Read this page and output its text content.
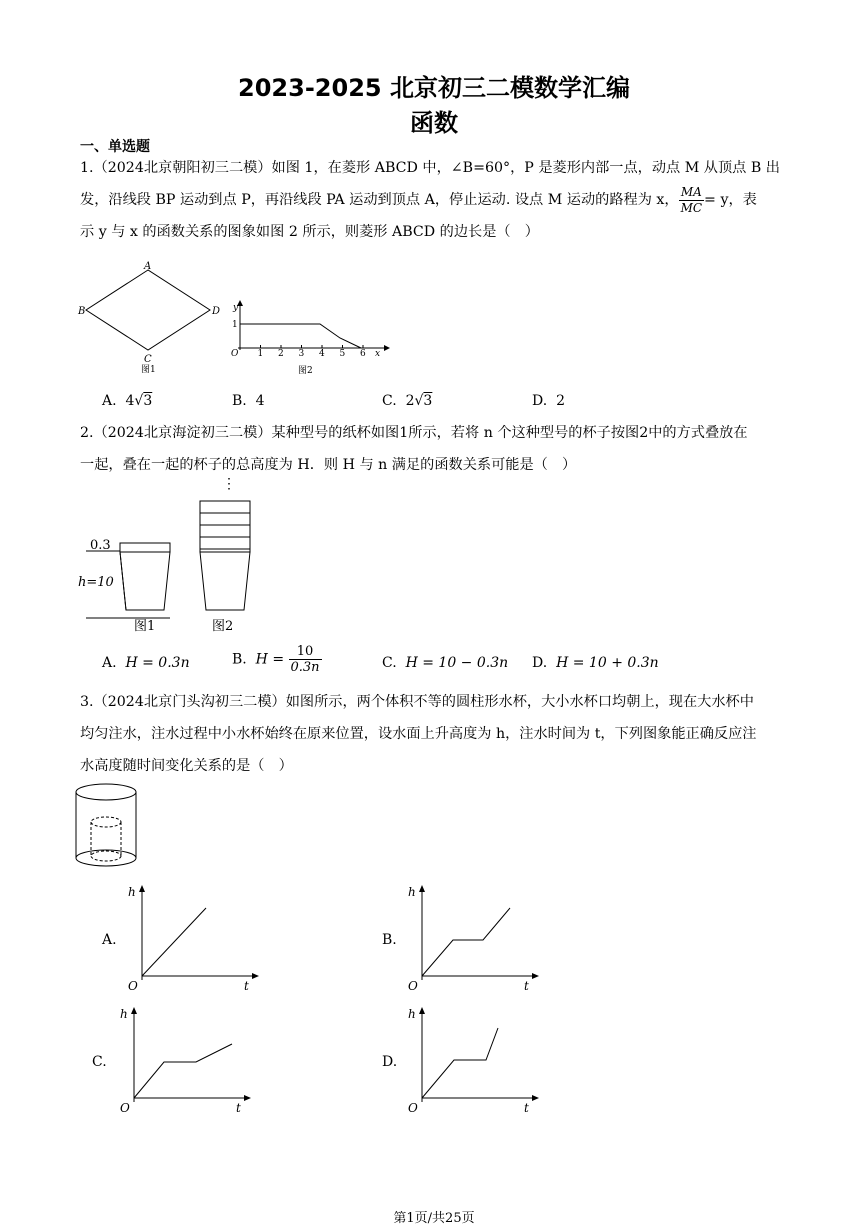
2023-2025 北京初三二模数学汇编
函数
一、单选题
1.（2024北京朝阳初三二模）如图 1，在菱形 ABCD 中，∠B=60°，P 是菱形内部一点，动点 M 从顶点 B 出
发，沿线段 BP 运动到点 P，再沿线段 PA 运动到顶点 A，停止运动. 设点 M 运动的路程为 x， $\frac{MA}{MC} = y$，表
示 y 与 x 的函数关系的图象如图 2 所示，则菱形 ABCD 的边长是（　）
A
B
C
D
图1
y
1
O 1 2 3 4 5 6 x
图2
A. 4√3	B. 4	C. 2√3	D. 2
2.（2024北京海淀初三二模）某种型号的纸杯如图1所示，若将 n 个这种型号的杯子按图2中的方式叠放在
一起，叠在一起的杯子的总高度为 H．则 H 与 n 满足的函数关系可能是（　）
0.3
h=10
图1
⋮
图2
A. H = 0.3n	B. $H = \frac{10}{0.3n}$	C. H = 10 − 0.3n D. H = 10 + 0.3n
3.（2024北京门头沟初三二模）如图所示，两个体积不等的圆柱形水杯，大小水杯口均朝上，现在大水杯中
均匀注水，注水过程中小水杯始终在原来位置，设水面上升高度为 h，注水时间为 t，下列图象能正确反应注
水高度随时间变化关系的是（　）
A.
h
O	t
B.
h
O	t
C.
h
O	t
D.
h
O	t
第1页/共25页
